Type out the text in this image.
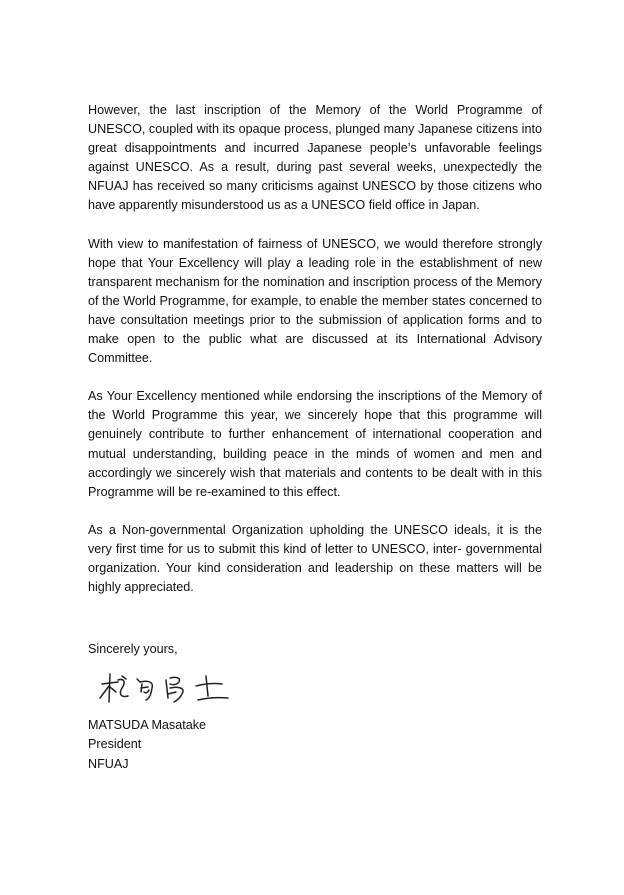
However, the last inscription of the Memory of the World Programme of UNESCO, coupled with its opaque process, plunged many Japanese citizens into great disappointments and incurred Japanese people’s unfavorable feelings against UNESCO. As a result, during past several weeks, unexpectedly the NFUAJ has received so many criticisms against UNESCO by those citizens who have apparently misunderstood us as a UNESCO field office in Japan.

With view to manifestation of fairness of UNESCO, we would therefore strongly hope that Your Excellency will play a leading role in the establishment of new transparent mechanism for the nomination and inscription process of the Memory of the World Programme, for example, to enable the member states concerned to have consultation meetings prior to the submission of application forms and to make open to the public what are discussed at its International Advisory Committee.

As Your Excellency mentioned while endorsing the inscriptions of the Memory of the World Programme this year, we sincerely hope that this programme will genuinely contribute to further enhancement of international cooperation and mutual understanding, building peace in the minds of women and men and accordingly we sincerely wish that materials and contents to be dealt with in this Programme will be re-examined to this effect.

As a Non-governmental Organization upholding the UNESCO ideals, it is the very first time for us to submit this kind of letter to UNESCO, inter- governmental organization. Your kind consideration and leadership on these matters will be highly appreciated.

Sincerely yours,

MATSUDA Masatake
President
NFUAJ
